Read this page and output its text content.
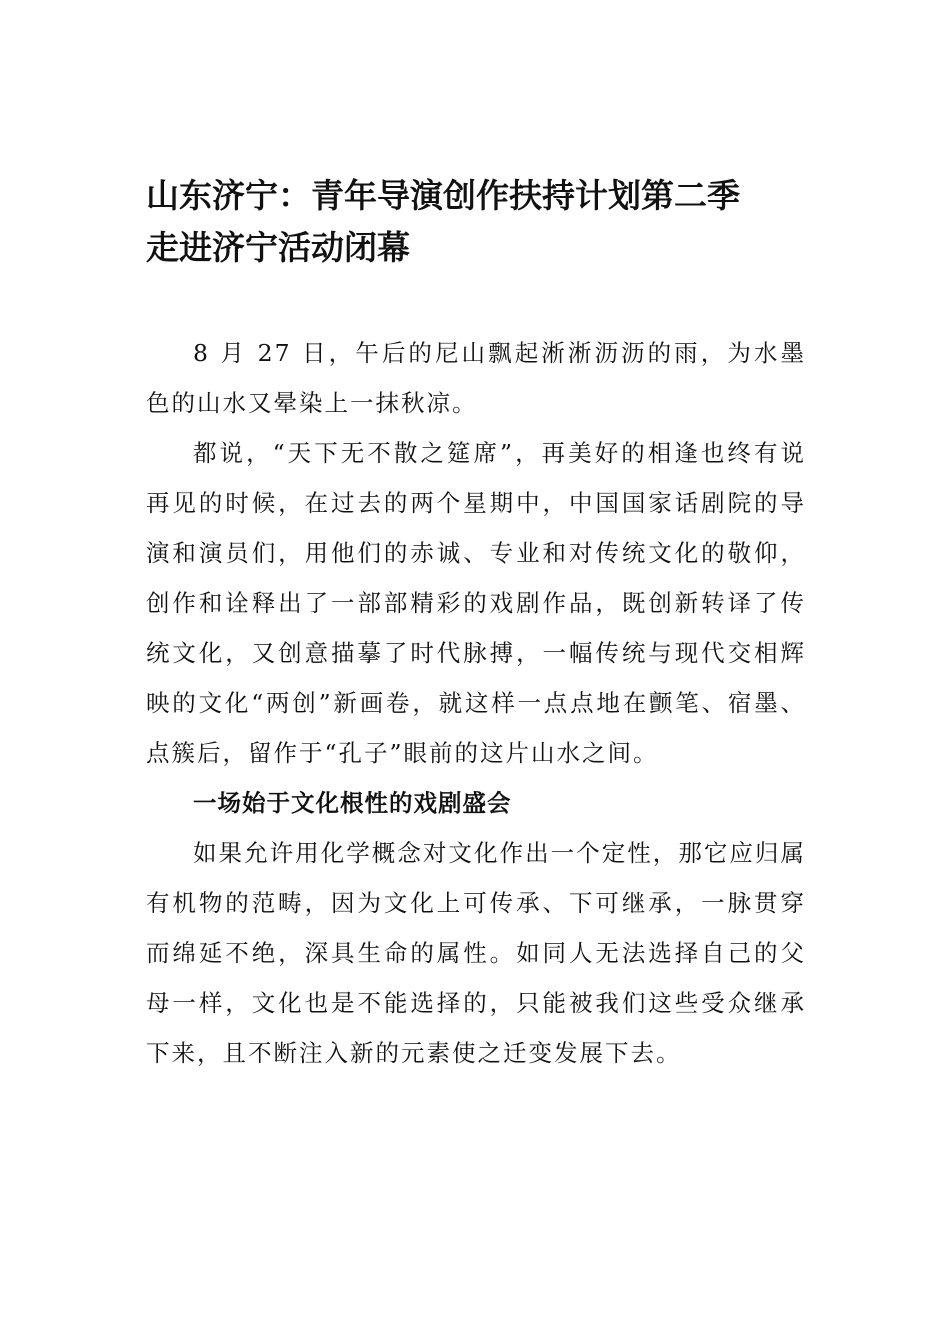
山东济宁：青年导演创作扶持计划第二季
走进济宁活动闭幕

8 月 27 日，午后的尼山飘起淅淅沥沥的雨，为水墨色的山水又晕染上一抹秋凉。

都说，“天下无不散之筵席”，再美好的相逢也终有说再见的时候，在过去的两个星期中，中国国家话剧院的导演和演员们，用他们的赤诚、专业和对传统文化的敬仰，创作和诠释出了一部部精彩的戏剧作品，既创新转译了传统文化，又创意描摹了时代脉搏，一幅传统与现代交相辉映的文化“两创”新画卷，就这样一点点地在颤笔、宿墨、点簇后，留作于“孔子”眼前的这片山水之间。

一场始于文化根性的戏剧盛会

如果允许用化学概念对文化作出一个定性，那它应归属有机物的范畴，因为文化上可传承、下可继承，一脉贯穿而绵延不绝，深具生命的属性。如同人无法选择自己的父母一样，文化也是不能选择的，只能被我们这些受众继承下来，且不断注入新的元素使之迁变发展下去。
